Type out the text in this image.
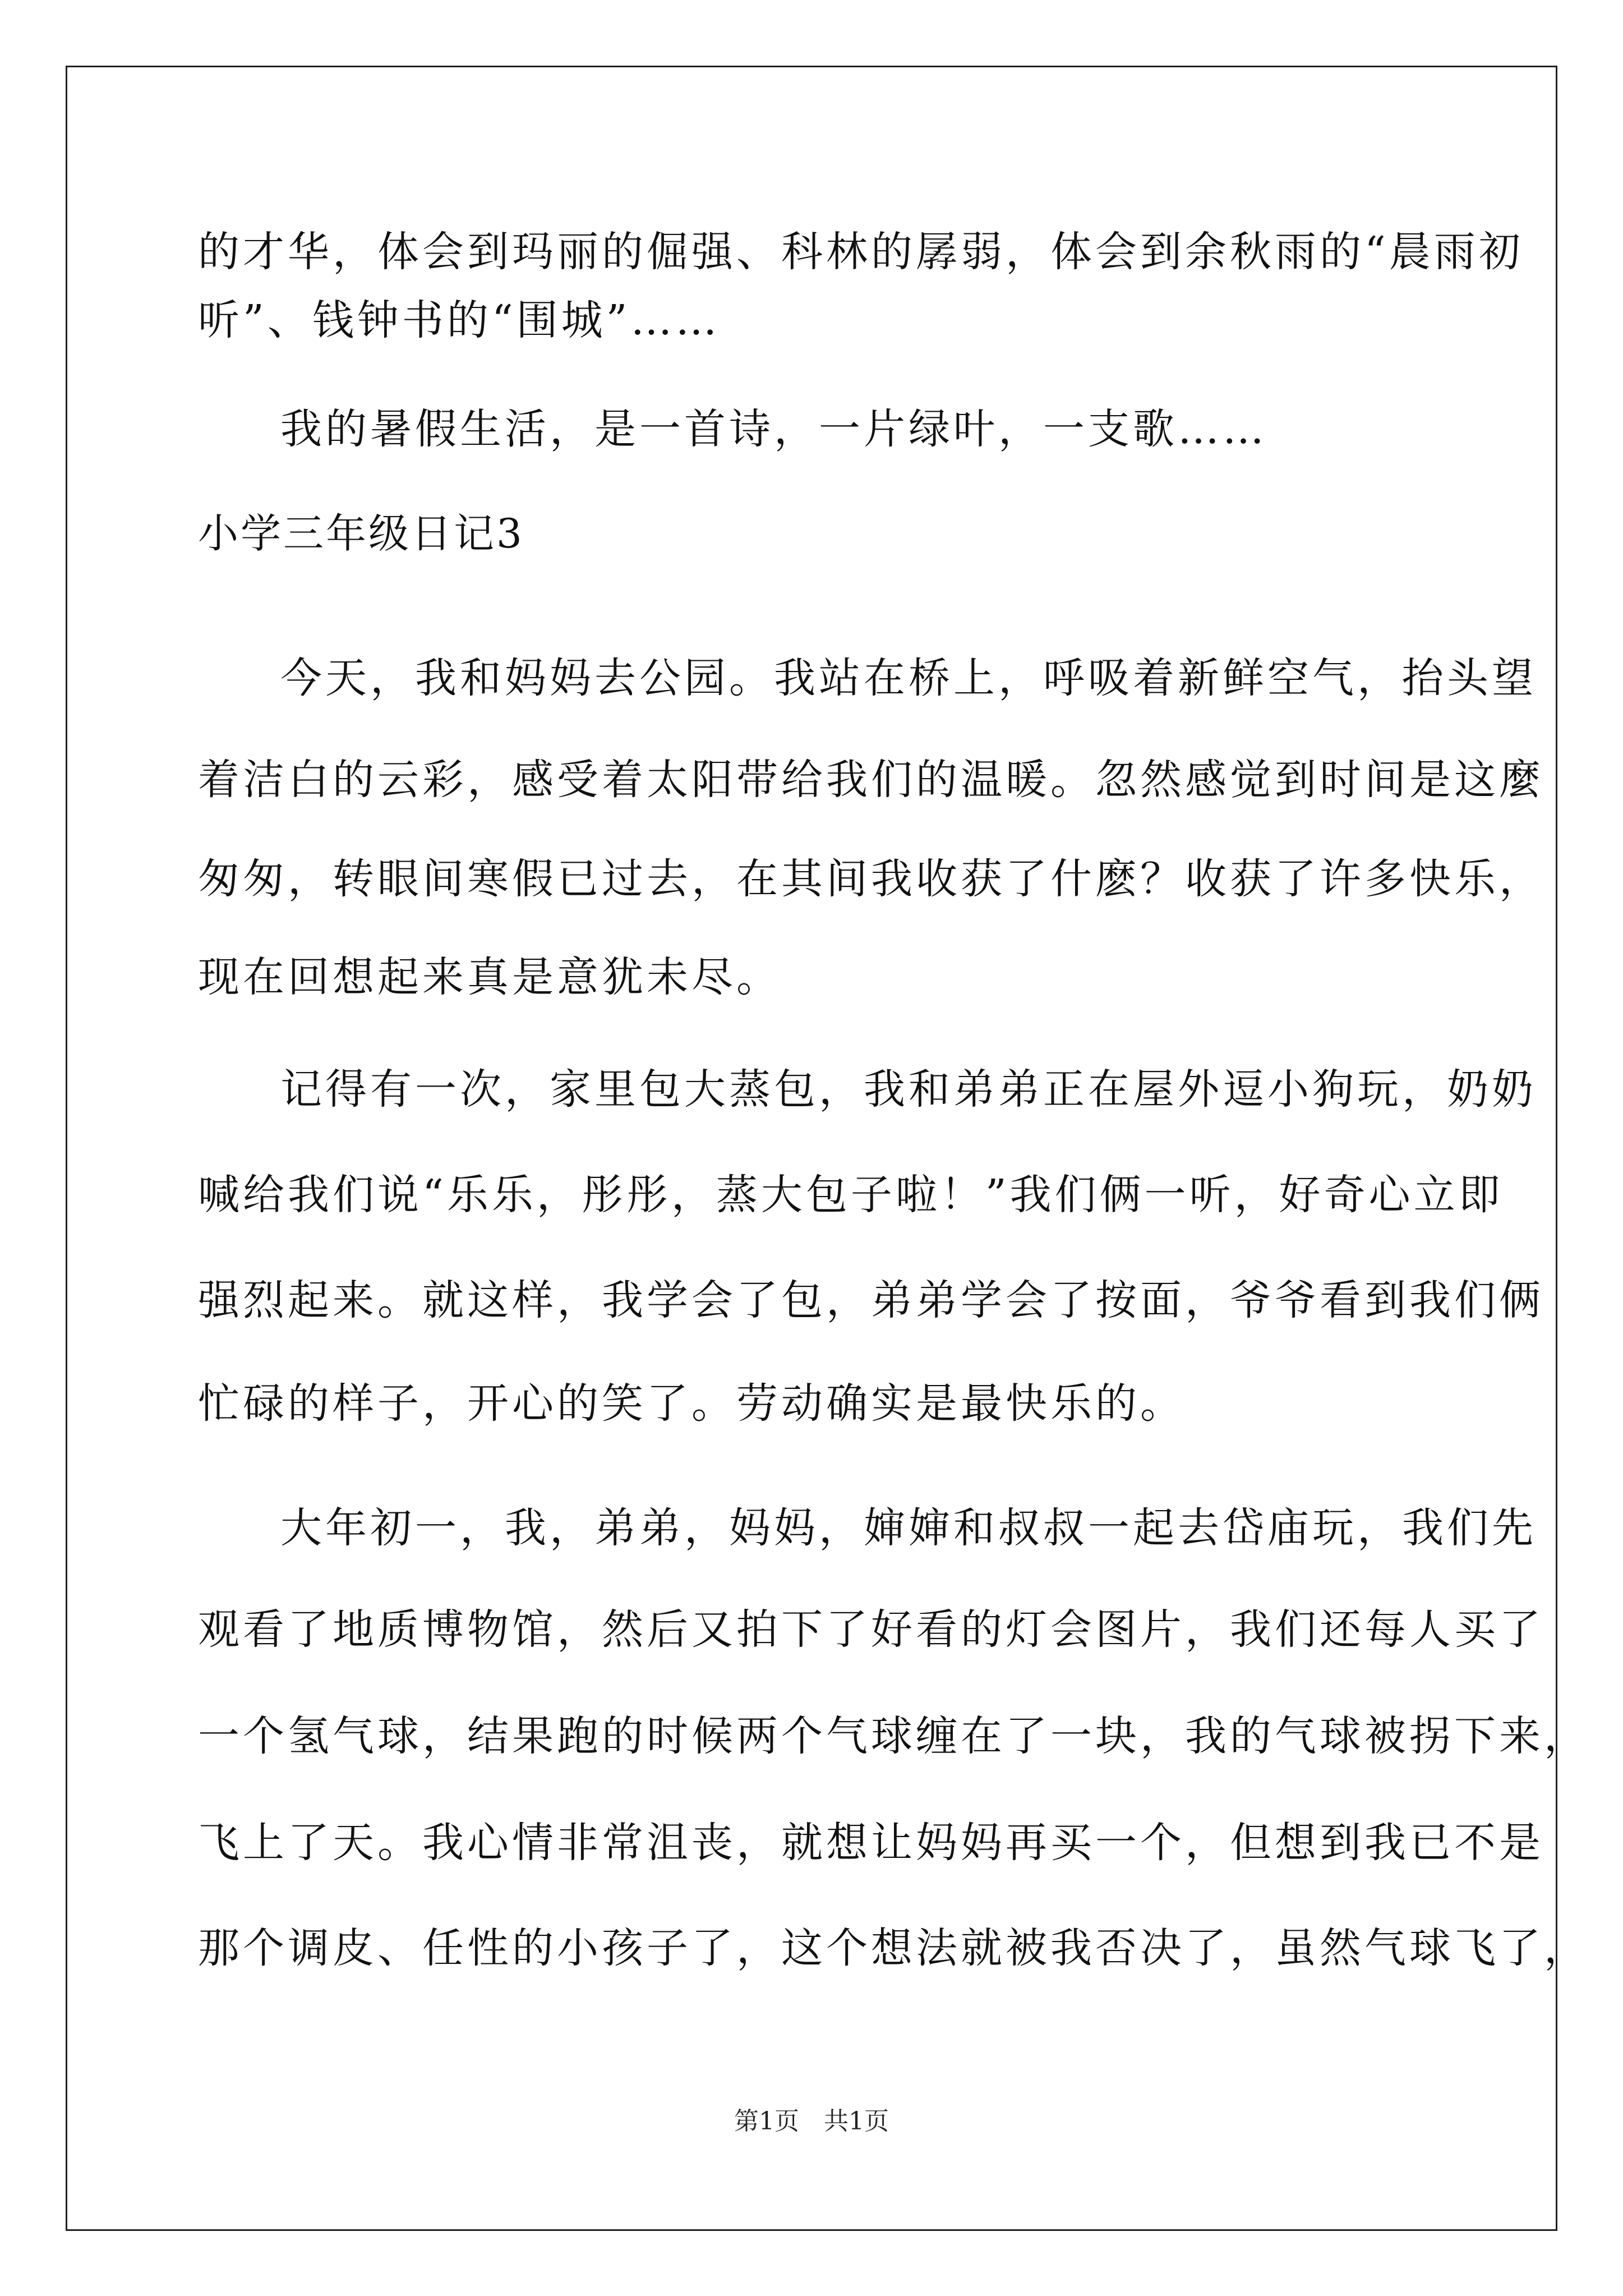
的才华，体会到玛丽的倔强、科林的孱弱，体会到余秋雨的“晨雨初

听”、钱钟书的“围城”……

我的暑假生活，是一首诗，一片绿叶，一支歌……

小学三年级日记3

今天，我和妈妈去公园。我站在桥上，呼吸着新鲜空气，抬头望

着洁白的云彩，感受着太阳带给我们的温暖。忽然感觉到时间是这麼

匆匆，转眼间寒假已过去，在其间我收获了什麽？收获了许多快乐，

现在回想起来真是意犹未尽。

记得有一次，家里包大蒸包，我和弟弟正在屋外逗小狗玩，奶奶

喊给我们说“乐乐，彤彤，蒸大包子啦！”我们俩一听，好奇心立即

强烈起来。就这样，我学会了包，弟弟学会了按面，爷爷看到我们俩

忙碌的样子，开心的笑了。劳动确实是最快乐的。

大年初一，我，弟弟，妈妈，婶婶和叔叔一起去岱庙玩，我们先

观看了地质博物馆，然后又拍下了好看的灯会图片，我们还每人买了

一个氢气球，结果跑的时候两个气球缠在了一块，我的气球被拐下来，

飞上了天。我心情非常沮丧，就想让妈妈再买一个，但想到我已不是

那个调皮、任性的小孩子了，这个想法就被我否决了，虽然气球飞了，

第1页　共1页
